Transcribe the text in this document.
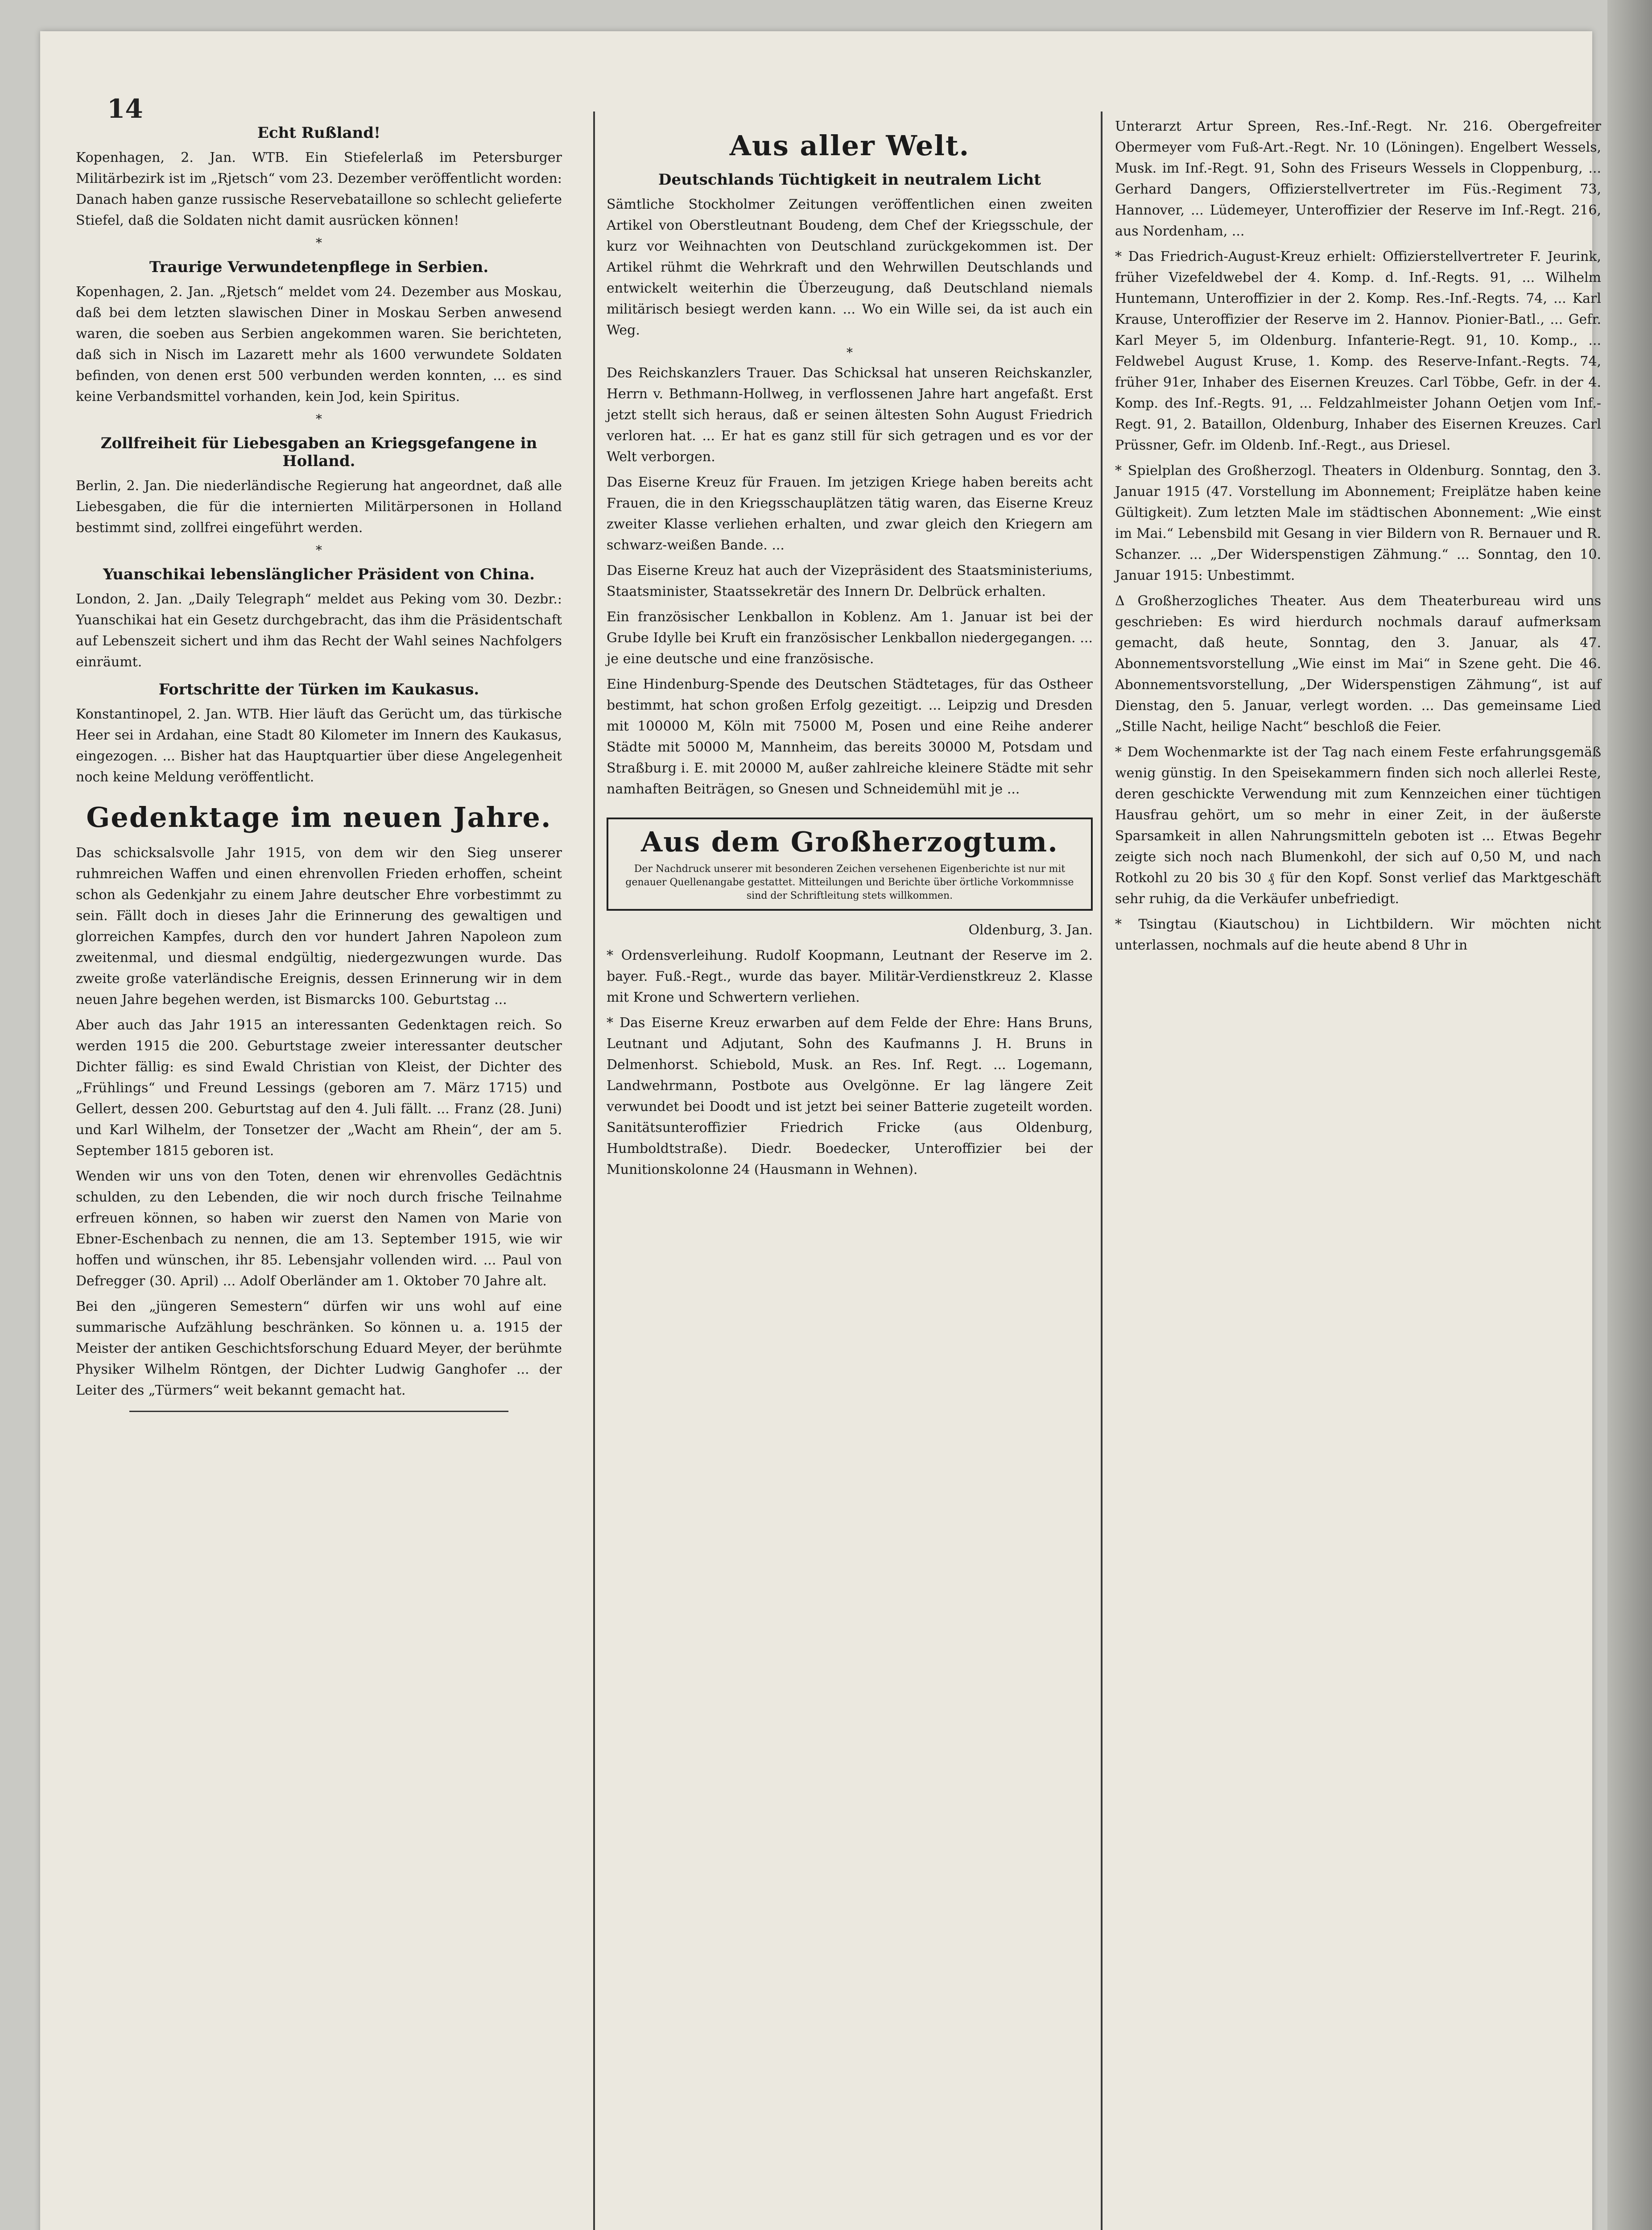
14
Echt Rußland!

Kopenhagen, 2. Jan. WTB. Ein Stiefelerlaß im Petersburger Militärbezirk ist im „Rjetsch“ vom 23. Dezember veröffentlicht worden: Danach haben ganze russische Reservebataillone so schlecht gelieferte Stiefel, daß die Soldaten nicht damit ausrücken können!

*
Traurige Verwundetenpflege in Serbien.

Kopenhagen, 2. Jan. „Rjetsch“ meldet vom 24. Dezember aus Moskau, daß bei dem letzten slawischen Diner in Moskau Serben anwesend waren, die soeben aus Serbien angekommen waren. Sie berichteten, daß sich in Nisch im Lazarett mehr als 1600 verwundete Soldaten befinden, von denen erst 500 verbunden werden konnten, ... es sind keine Verbandsmittel vorhanden, kein Jod, kein Spiritus.

*
Zollfreiheit für Liebesgaben an Kriegsgefangene in Holland.

Berlin, 2. Jan. Die niederländische Regierung hat angeordnet, daß alle Liebesgaben, die für die internierten Militärpersonen in Holland bestimmt sind, zollfrei eingeführt werden.

*
Yuanschikai lebenslänglicher Präsident von China.

London, 2. Jan. „Daily Telegraph“ meldet aus Peking vom 30. Dezbr.: Yuanschikai hat ein Gesetz durchgebracht, das ihm die Präsidentschaft auf Lebenszeit sichert und ihm das Recht der Wahl seines Nachfolgers einräumt.

Fortschritte der Türken im Kaukasus.

Konstantinopel, 2. Jan. WTB. Hier läuft das Gerücht um, das türkische Heer sei in Ardahan, eine Stadt 80 Kilometer im Innern des Kaukasus, eingezogen. ... Bisher hat das Hauptquartier über diese Angelegenheit noch keine Meldung veröffentlicht.

Gedenktage im neuen Jahre.

Das schicksalsvolle Jahr 1915, von dem wir den Sieg unserer ruhmreichen Waffen und einen ehrenvollen Frieden erhoffen, scheint schon als Gedenkjahr zu einem Jahre deutscher Ehre vorbestimmt zu sein. Fällt doch in dieses Jahr die Erinnerung des gewaltigen und glorreichen Kampfes, durch den vor hundert Jahren Napoleon zum zweitenmal, und diesmal endgültig, niedergezwungen wurde. Das zweite große vaterländische Ereignis, dessen Erinnerung wir in dem neuen Jahre begehen werden, ist Bismarcks 100. Geburtstag ...

Aber auch das Jahr 1915 an interessanten Gedenktagen reich. So werden 1915 die 200. Geburtstage zweier interessanter deutscher Dichter fällig: es sind Ewald Christian von Kleist, der Dichter des „Frühlings“ und Freund Lessings (geboren am 7. März 1715) und Gellert, dessen 200. Geburtstag auf den 4. Juli fällt. ... Franz (28. Juni) und Karl Wilhelm, der Tonsetzer der „Wacht am Rhein“, der am 5. September 1815 geboren ist.

Wenden wir uns von den Toten, denen wir ehrenvolles Gedächtnis schulden, zu den Lebenden, die wir noch durch frische Teilnahme erfreuen können, so haben wir zuerst den Namen von Marie von Ebner-Eschenbach zu nennen, die am 13. September 1915, wie wir hoffen und wünschen, ihr 85. Lebensjahr vollenden wird. ... Paul von Defregger (30. April) ... Adolf Oberländer am 1. Oktober 70 Jahre alt.

Bei den „jüngeren Semestern“ dürfen wir uns wohl auf eine summarische Aufzählung beschränken. So können u. a. 1915 der Meister der antiken Geschichtsforschung Eduard Meyer, der berühmte Physiker Wilhelm Röntgen, der Dichter Ludwig Ganghofer ... der Leiter des „Türmers“ weit bekannt gemacht hat.

Aus aller Welt.
Deutschlands Tüchtigkeit in neutralem Licht

Sämtliche Stockholmer Zeitungen veröffentlichen einen zweiten Artikel von Oberstleutnant Boudeng, dem Chef der Kriegsschule, der kurz vor Weihnachten von Deutschland zurückgekommen ist. Der Artikel rühmt die Wehrkraft und den Wehrwillen Deutschlands und entwickelt weiterhin die Überzeugung, daß Deutschland niemals militärisch besiegt werden kann. ... Wo ein Wille sei, da ist auch ein Weg.

*

Des Reichskanzlers Trauer. Das Schicksal hat unseren Reichskanzler, Herrn v. Bethmann-Hollweg, in verflossenen Jahre hart angefaßt. Erst jetzt stellt sich heraus, daß er seinen ältesten Sohn August Friedrich verloren hat. ... Er hat es ganz still für sich getragen und es vor der Welt verborgen.

Das Eiserne Kreuz für Frauen. Im jetzigen Kriege haben bereits acht Frauen, die in den Kriegsschauplätzen tätig waren, das Eiserne Kreuz zweiter Klasse verliehen erhalten, und zwar gleich den Kriegern am schwarz-weißen Bande. ...

Das Eiserne Kreuz hat auch der Vizepräsident des Staatsministeriums, Staatsminister, Staatssekretär des Innern Dr. Delbrück erhalten.

Ein französischer Lenkballon in Koblenz. Am 1. Januar ist bei der Grube Idylle bei Kruft ein französischer Lenkballon niedergegangen. ... je eine deutsche und eine französische.

Eine Hindenburg-Spende des Deutschen Städtetages, für das Ostheer bestimmt, hat schon großen Erfolg gezeitigt. ... Leipzig und Dresden mit 100000 M, Köln mit 75000 M, Posen und eine Reihe anderer Städte mit 50000 M, Mannheim, das bereits 30000 M, Potsdam und Straßburg i. E. mit 20000 M, außer zahlreiche kleinere Städte mit sehr namhaften Beiträgen, so Gnesen und Schneidemühl mit je ...

Aus dem Großherzogtum.

Der Nachdruck unserer mit besonderen Zeichen versehenen Eigenberichte ist nur mit genauer Quellenangabe gestattet. Mitteilungen und Berichte über örtliche Vorkommnisse sind der Schriftleitung stets willkommen.

Oldenburg, 3. Jan.

* Ordensverleihung. Rudolf Koopmann, Leutnant der Reserve im 2. bayer. Fuß.-Regt., wurde das bayer. Militär-Verdienstkreuz 2. Klasse mit Krone und Schwertern verliehen.

* Das Eiserne Kreuz erwarben auf dem Felde der Ehre: Hans Bruns, Leutnant und Adjutant, Sohn des Kaufmanns J. H. Bruns in Delmenhorst. Schiebold, Musk. an Res. Inf. Regt. ... Logemann, Landwehrmann, Postbote aus Ovelgönne. Er lag längere Zeit verwundet bei Doodt und ist jetzt bei seiner Batterie zugeteilt worden. Sanitätsunteroffizier Friedrich Fricke (aus Oldenburg, Humboldtstraße). Diedr. Boedecker, Unteroffizier bei der Munitionskolonne 24 (Hausmann in Wehnen).

Unterarzt Artur Spreen, Res.-Inf.-Regt. Nr. 216. Obergefreiter Obermeyer vom Fuß-Art.-Regt. Nr. 10 (Löningen). Engelbert Wessels, Musk. im Inf.-Regt. 91, Sohn des Friseurs Wessels in Cloppenburg, ... Gerhard Dangers, Offizierstellvertreter im Füs.-Regiment 73, Hannover, ... Lüdemeyer, Unteroffizier der Reserve im Inf.-Regt. 216, aus Nordenham, ...

* Das Friedrich-August-Kreuz erhielt: Offizierstellvertreter F. Jeurink, früher Vizefeldwebel der 4. Komp. d. Inf.-Regts. 91, ... Wilhelm Huntemann, Unteroffizier in der 2. Komp. Res.-Inf.-Regts. 74, ... Karl Krause, Unteroffizier der Reserve im 2. Hannov. Pionier-Batl., ... Gefr. Karl Meyer 5, im Oldenburg. Infanterie-Regt. 91, 10. Komp., ... Feldwebel August Kruse, 1. Komp. des Reserve-Infant.-Regts. 74, früher 91er, Inhaber des Eisernen Kreuzes. Carl Többe, Gefr. in der 4. Komp. des Inf.-Regts. 91, ... Feldzahlmeister Johann Oetjen vom Inf.-Regt. 91, 2. Bataillon, Oldenburg, Inhaber des Eisernen Kreuzes. Carl Prüssner, Gefr. im Oldenb. Inf.-Regt., aus Driesel.

* Spielplan des Großherzogl. Theaters in Oldenburg. Sonntag, den 3. Januar 1915 (47. Vorstellung im Abonnement; Freiplätze haben keine Gültigkeit). Zum letzten Male im städtischen Abonnement: „Wie einst im Mai.“ Lebensbild mit Gesang in vier Bildern von R. Bernauer und R. Schanzer. ... „Der Widerspenstigen Zähmung.“ ... Sonntag, den 10. Januar 1915: Unbestimmt.

Δ Großherzogliches Theater. Aus dem Theaterbureau wird uns geschrieben: Es wird hierdurch nochmals darauf aufmerksam gemacht, daß heute, Sonntag, den 3. Januar, als 47. Abonnementsvorstellung „Wie einst im Mai“ in Szene geht. Die 46. Abonnementsvorstellung, „Der Widerspenstigen Zähmung“, ist auf Dienstag, den 5. Januar, verlegt worden. ... Das gemeinsame Lied „Stille Nacht, heilige Nacht“ beschloß die Feier.

* Dem Wochenmarkte ist der Tag nach einem Feste erfahrungsgemäß wenig günstig. In den Speisekammern finden sich noch allerlei Reste, deren geschickte Verwendung mit zum Kennzeichen einer tüchtigen Hausfrau gehört, um so mehr in einer Zeit, in der äußerste Sparsamkeit in allen Nahrungsmitteln geboten ist ... Etwas Begehr zeigte sich noch nach Blumenkohl, der sich auf 0,50 M, und nach Rotkohl zu 20 bis 30 ₰ für den Kopf. Sonst verlief das Marktgeschäft sehr ruhig, da die Verkäufer unbefriedigt.

* Tsingtau (Kiautschou) in Lichtbildern. Wir möchten nicht unterlassen, nochmals auf die heute abend 8 Uhr in
